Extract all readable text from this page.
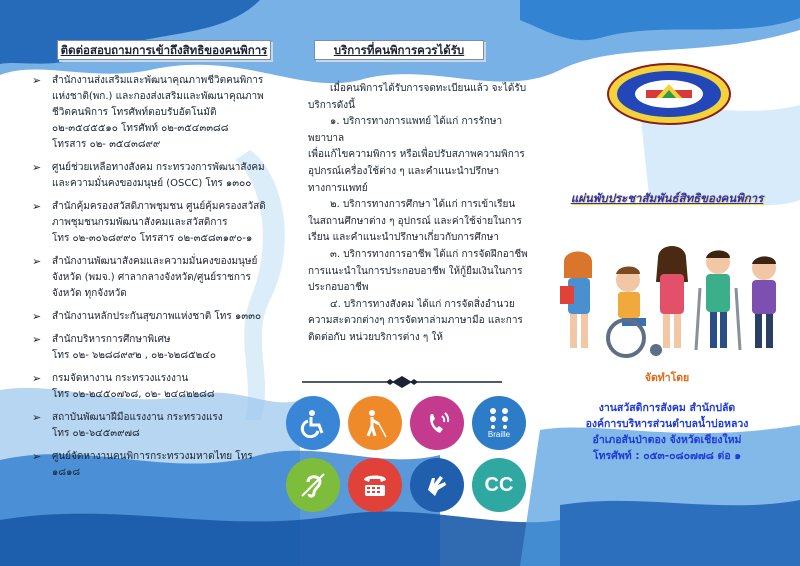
ติดต่อสอบถามการเข้าถึงสิทธิของคนพิการ
➢ สำนักงานส่งเสริมและพัฒนาคุณภาพชีวิตคนพิการ
แห่งชาติ(พก.) และกองส่งเสริมและพัฒนาคุณภาพ
ชีวิตคนพิการ โทรศัพท์ตอบรับอัตโนมัติ
๐๒-๓๕๔๕๕๑๐ โทรศัพท์ ๐๒-๓๕๔๓๓๘๘
โทรสาร ๐๒- ๓๕๔๓๘๙๙
➢ ศูนย์ช่วยเหลือทางสังคม กระทรวงการพัฒนาสังคม
และความมั่นคงของมนุษย์ (OSCC) โทร ๑๓๐๐
➢ สำนักคุ้มครองสวัสดิภาพชุมชน ศูนย์คุ้มครองสวัสดิ
ภาพชุมชนกรมพัฒนาสังคมและสวัสดิการ
โทร ๐๒-๓๐๖๘๙๙๐ โทรสาร ๐๒-๓๕๘๓๑๙๐-๑
➢ สำนักงานพัฒนาสังคมและความมั่นคงของมนุษย์
จังหวัด (พมจ.) ศาลากลางจังหวัด/ศูนย์ราชการ
จังหวัด ทุกจังหวัด
➢ สำนักงานหลักประกันสุขภาพแห่งชาติ โทร ๑๓๓๐
➢ สำนักบริหารการศึกษาพิเศษ
โทร ๐๒- ๖๒๘๘๙๙๒ , ๐๒-๖๒๘๕๒๔๐
➢ กรมจัดหางาน กระทรวงแรงงาน
โทร ๐๒-๒๔๕๐๗๖๘, ๐๒- ๒๔๘๒๒๘๘
➢ สถาบันพัฒนาฝีมือแรงงาน กระทรวงแรง
โทร ๐๒-๖๔๕๓๙๗๘
➢ ศูนย์จัดหางานคนพิการกระทรวงมหาดไทย โทร ๑๘๑๘
บริการที่คนพิการควรได้รับ

เมื่อคนพิการได้รับการจดทะเบียนแล้ว จะได้รับบริการดังนี้

๑. บริการทางการแพทย์ ได้แก่ การรักษาพยาบาล

เพื่อแก้ไขความพิการ หรือเพื่อปรับสภาพความพิการ อุปกรณ์เครื่องใช้ต่าง ๆ และคำแนะนำปรึกษาทางการแพทย์

๒. บริการทางการศึกษา ได้แก่ การเข้าเรียน ในสถานศึกษาต่าง ๆ อุปกรณ์ และค่าใช้จ่ายในการเรียน และคำแนะนำปรึกษาเกี่ยวกับการศึกษา

๓. บริการทางการอาชีพ ได้แก่ การจัดฝึกอาชีพ การแนะนำในการประกอบอาชีพ ให้กู้ยืมเงินในการประกอบอาชีพ

๔. บริการทางสังคม ได้แก่ การจัดสิ่งอำนวยความสะดวกต่างๆ การจัดหาล่ามภาษามือ และการติดต่อกับ หน่วยบริการต่าง ๆ ให้

Braille
CC
แผ่นพับประชาสัมพันธ์สิทธิของคนพิการ
จัดทำโดย
งานสวัสดิการสังคม สำนักปลัด
องค์การบริหารส่วนตำบลน้ำบ่อหลวง
อำเภอสันป่าตอง จังหวัดเชียงใหม่
โทรศัพท์ : ๐๕๓-๐๘๐๗๗๘ ต่อ ๑
